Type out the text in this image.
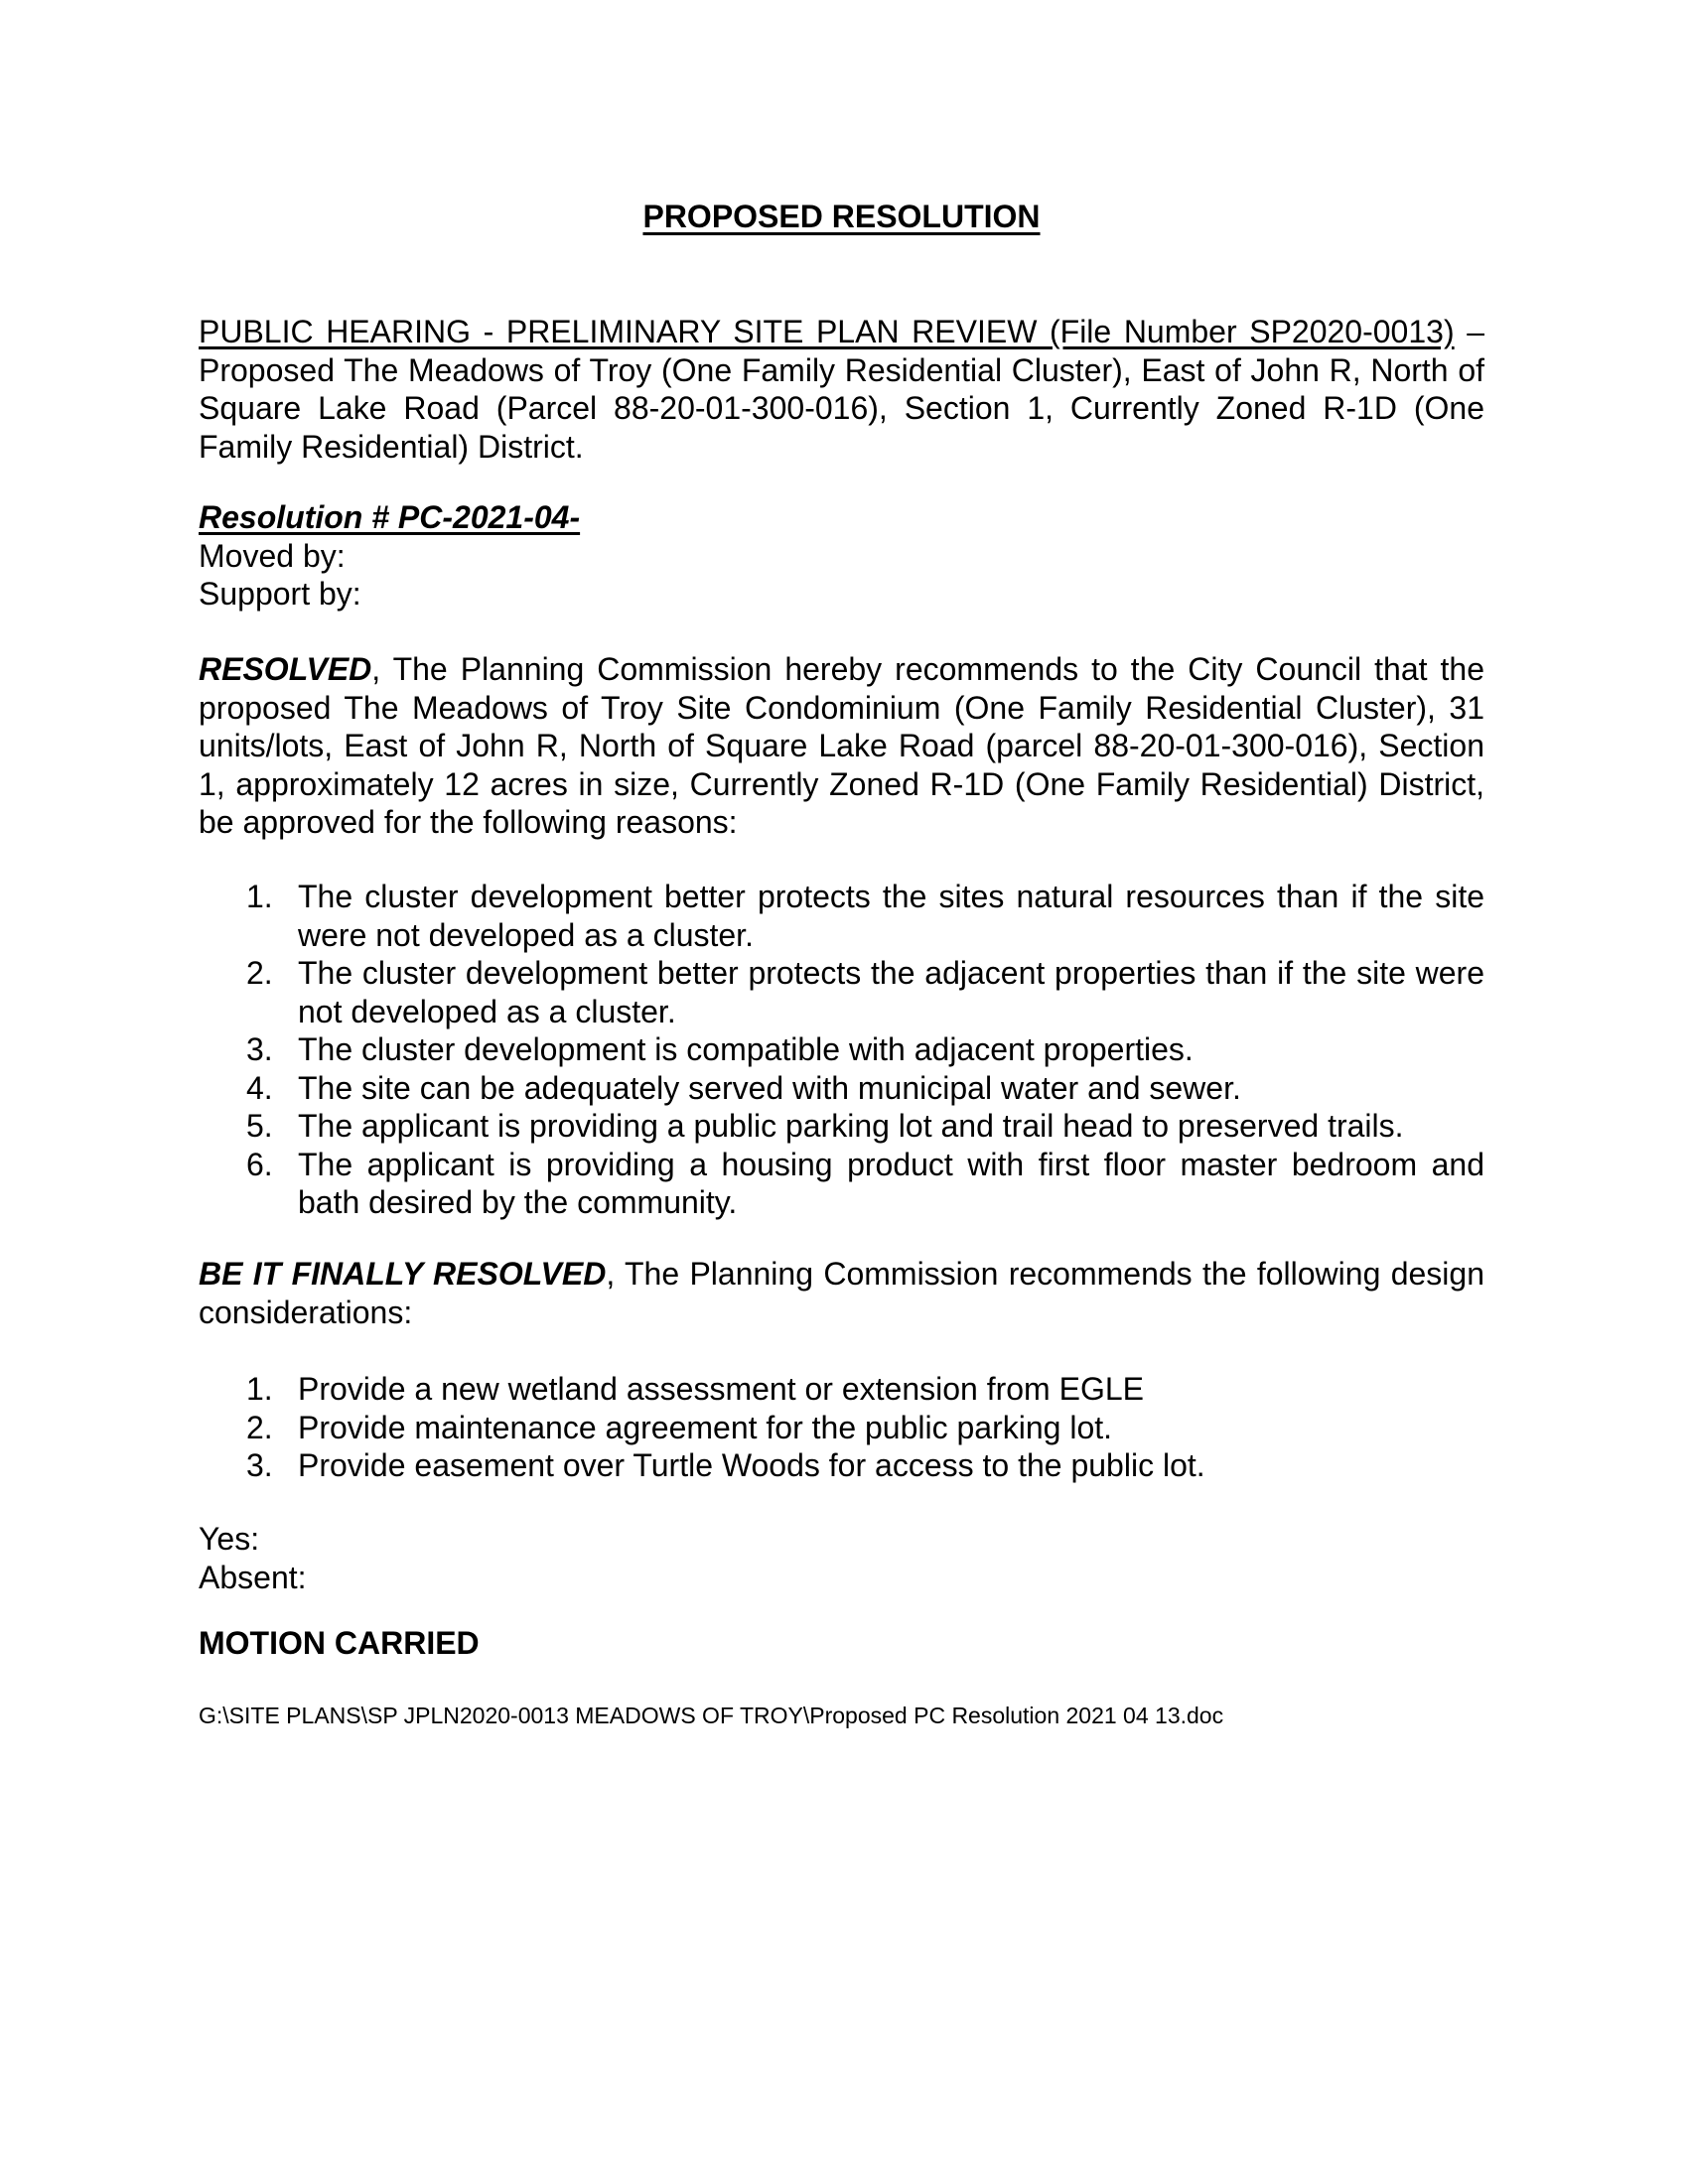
PROPOSED RESOLUTION
PUBLIC HEARING - PRELIMINARY SITE PLAN REVIEW (File Number SP2020-0013) – Proposed The Meadows of Troy (One Family Residential Cluster), East of John R, North of Square Lake Road (Parcel 88-20-01-300-016), Section 1, Currently Zoned R-1D (One Family Residential) District.
Resolution # PC-2021-04-
Moved by:
Support by:
RESOLVED, The Planning Commission hereby recommends to the City Council that the proposed The Meadows of Troy Site Condominium (One Family Residential Cluster), 31 units/lots, East of John R, North of Square Lake Road (parcel 88-20-01-300-016), Section 1, approximately 12 acres in size, Currently Zoned R-1D (One Family Residential) District, be approved for the following reasons:
1. The cluster development better protects the sites natural resources than if the site were not developed as a cluster.
2. The cluster development better protects the adjacent properties than if the site were not developed as a cluster.
3. The cluster development is compatible with adjacent properties.
4. The site can be adequately served with municipal water and sewer.
5. The applicant is providing a public parking lot and trail head to preserved trails.
6. The applicant is providing a housing product with first floor master bedroom and bath desired by the community.
BE IT FINALLY RESOLVED, The Planning Commission recommends the following design considerations:
1. Provide a new wetland assessment or extension from EGLE
2. Provide maintenance agreement for the public parking lot.
3. Provide easement over Turtle Woods for access to the public lot.
Yes:
Absent:
MOTION CARRIED
G:\SITE PLANS\SP JPLN2020-0013 MEADOWS OF TROY\Proposed PC Resolution 2021 04 13.doc
